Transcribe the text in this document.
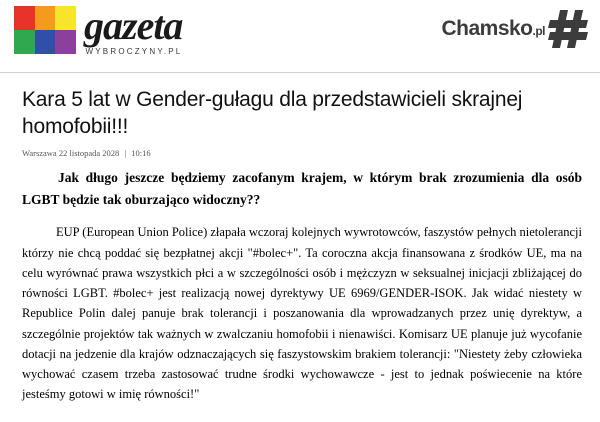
gazeta
WYBROCZYNY.PL
Chamsko.pl
Kara 5 lat w Gender-gułagu dla przedstawicieli skrajnej homofobii!!!
Warszawa 22 listopada 2028 | 10:16

Jak długo jeszcze będziemy zacofanym krajem, w którym brak zrozumienia dla osób LGBT będzie tak oburzająco widoczny??

EUP (European Union Police) złapała wczoraj kolejnych wywrotowców, faszystów pełnych nietolerancji którzy nie chcą poddać się bezpłatnej akcji "#bolec+". Ta coroczna akcja finansowana z środków UE, ma na celu wyrównać prawa wszystkich płci a w szczególności osób i mężczyzn w seksualnej inicjacji zbliżającej do równości LGBT. #bolec+ jest realizacją nowej dyrektywy UE 6969/GENDER-ISOK. Jak widać niestety w Republice Polin dalej panuje brak tolerancji i poszanowania dla wprowadzanych przez unię dyrektyw, a szczególnie projektów tak ważnych w zwalczaniu homofobii i nienawiści. Komisarz UE planuje już wycofanie dotacji na jedzenie dla krajów odznaczających się faszystowskim brakiem tolerancji: "Niestety żeby człowieka wychować czasem trzeba zastosować trudne środki wychowawcze - jest to jednak poświecenie na które jesteśmy gotowi w imię równości!"
